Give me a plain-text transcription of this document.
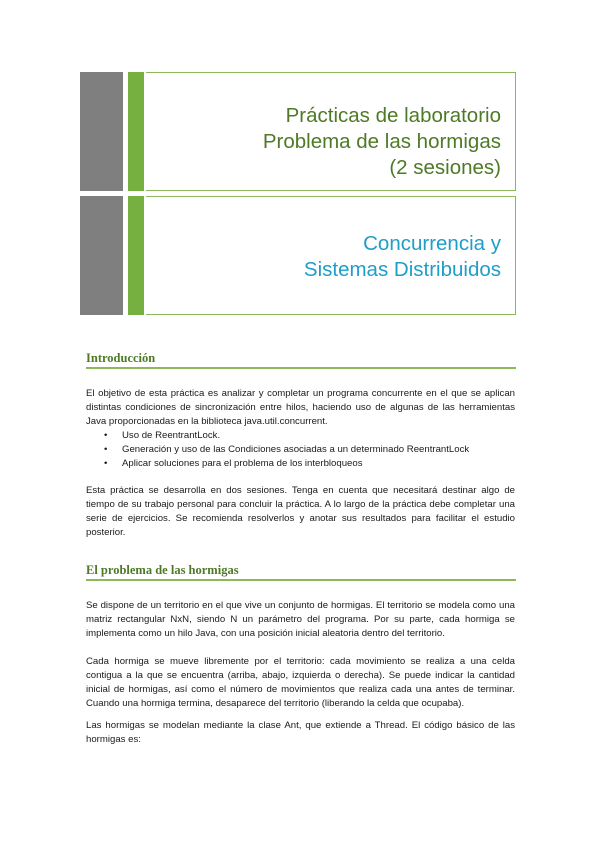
Prácticas de laboratorio
Problema de las hormigas
(2 sesiones)
Concurrencia y
Sistemas Distribuidos
Introducción

El objetivo de esta práctica es analizar y completar un programa concurrente en el que se aplican distintas condiciones de sincronización entre hilos, haciendo uso de algunas de las herramientas Java proporcionadas en la biblioteca java.util.concurrent.

• Uso de ReentrantLock.
• Generación y uso de las Condiciones asociadas a un determinado ReentrantLock
• Aplicar soluciones para el problema de los interbloqueos

Esta práctica se desarrolla en dos sesiones. Tenga en cuenta que necesitará destinar algo de tiempo de su trabajo personal para concluir la práctica. A lo largo de la práctica debe completar una serie de ejercicios. Se recomienda resolverlos y anotar sus resultados para facilitar el estudio posterior.

El problema de las hormigas

Se dispone de un territorio en el que vive un conjunto de hormigas. El territorio se modela como una matriz rectangular NxN, siendo N un parámetro del programa. Por su parte, cada hormiga se implementa como un hilo Java, con una posición inicial aleatoria dentro del territorio.

Cada hormiga se mueve libremente por el territorio: cada movimiento se realiza a una celda contigua a la que se encuentra (arriba, abajo, izquierda o derecha). Se puede indicar la cantidad inicial de hormigas, así como el número de movimientos que realiza cada una antes de terminar. Cuando una hormiga termina, desaparece del territorio (liberando la celda que ocupaba).

Las hormigas se modelan mediante la clase Ant, que extiende a Thread. El código básico de las hormigas es:
